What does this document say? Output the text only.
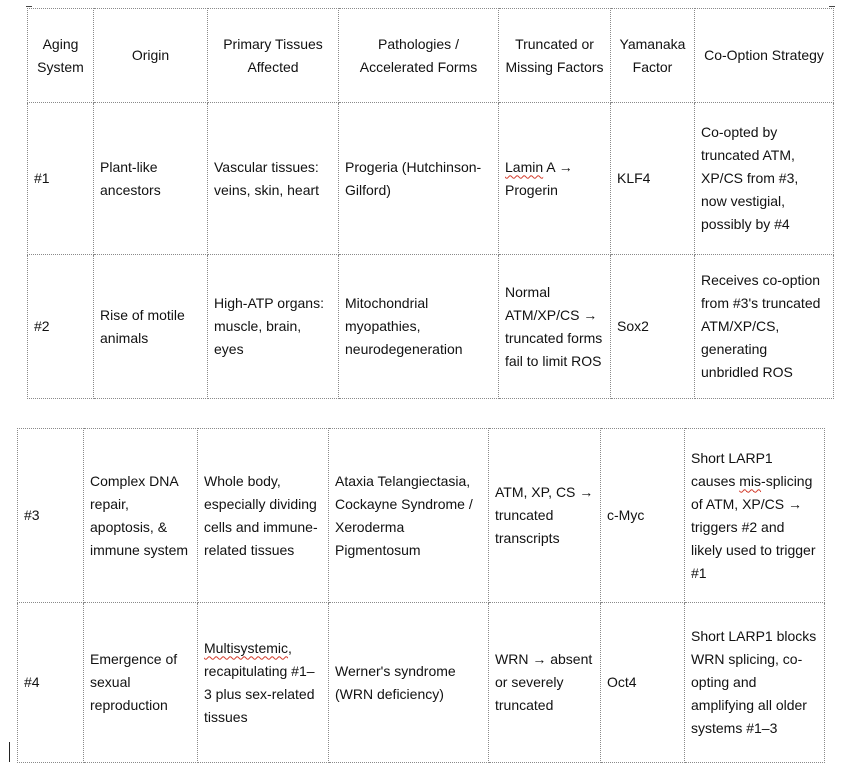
Aging System	Origin	Primary Tissues Affected	Pathologies / Accelerated Forms	Truncated or Missing Factors	Yamanaka Factor	Co-Option Strategy
#1	Plant-like ancestors	Vascular tissues: veins, skin, heart	Progeria (Hutchinson-Gilford)	Lamin A → Progerin	KLF4	Co-opted by truncated ATM, XP/CS from #3, now vestigial, possibly by #4
#2	Rise of motile animals	High-ATP organs: muscle, brain, eyes	Mitochondrial myopathies, neurodegeneration	Normal ATM/XP/CS → truncated forms fail to limit ROS	Sox2	Receives co-option from #3's truncated ATM/XP/CS, generating unbridled ROS
#3	Complex DNA repair, apoptosis, & immune system	Whole body, especially dividing cells and immune-related tissues	Ataxia Telangiectasia, Cockayne Syndrome / Xeroderma Pigmentosum	ATM, XP, CS → truncated transcripts	c-Myc	Short LARP1 causes mis-splicing of ATM, XP/CS → triggers #2 and likely used to trigger #1
#4	Emergence of sexual reproduction	Multisystemic, recapitulating #1–3 plus sex-related tissues	Werner's syndrome (WRN deficiency)	WRN → absent or severely truncated	Oct4	Short LARP1 blocks WRN splicing, co-opting and amplifying all older systems #1–3
